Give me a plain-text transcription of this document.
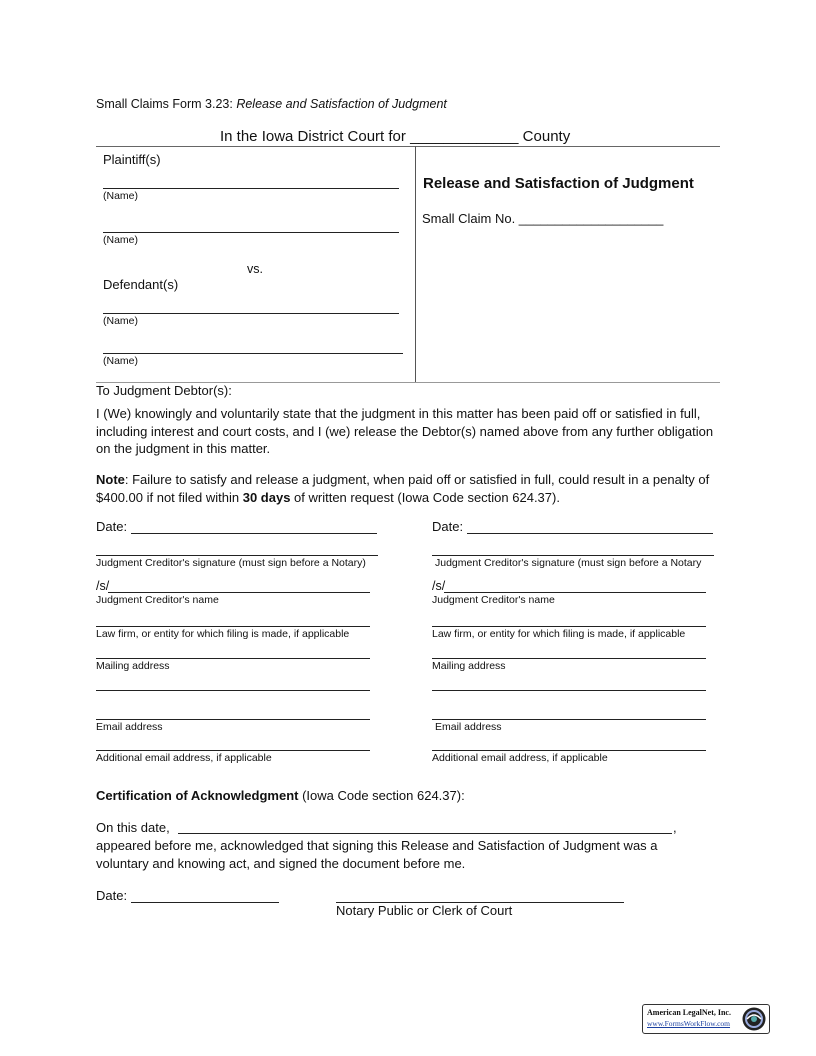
Small Claims Form 3.23: Release and Satisfaction of Judgment
In the Iowa District Court for _____________ County
Plaintiff(s)
(Name)
(Name)
vs.
Defendant(s)
(Name)
(Name)
Release and Satisfaction of Judgment
Small Claim No. ____________________
To Judgment Debtor(s):
I (We) knowingly and voluntarily state that the judgment in this matter has been paid off or satisfied in full, including interest and court costs, and I (we) release the Debtor(s) named above from any further obligation on the judgment in this matter.
Note: Failure to satisfy and release a judgment, when paid off or satisfied in full, could result in a penalty of $400.00 if not filed within 30 days of written request (Iowa Code section 624.37).
Date:
Judgment Creditor's signature (must sign before a Notary)
/s/
Judgment Creditor's name
Law firm, or entity for which filing is made, if applicable
Mailing address
Email address
Additional email address, if applicable
Date:
Judgment Creditor's signature (must sign before a Notary
/s/
Judgment Creditor's name
Law firm, or entity for which filing is made, if applicable
Mailing address
Email address
Additional email address, if applicable
Certification of Acknowledgment (Iowa Code section 624.37):
On this date,	,
appeared before me, acknowledged that signing this Release and Satisfaction of Judgment was a voluntary and knowing act, and signed the document before me.
Date:
Notary Public or Clerk of Court
American LegalNet, Inc.
www.FormsWorkFlow.com
